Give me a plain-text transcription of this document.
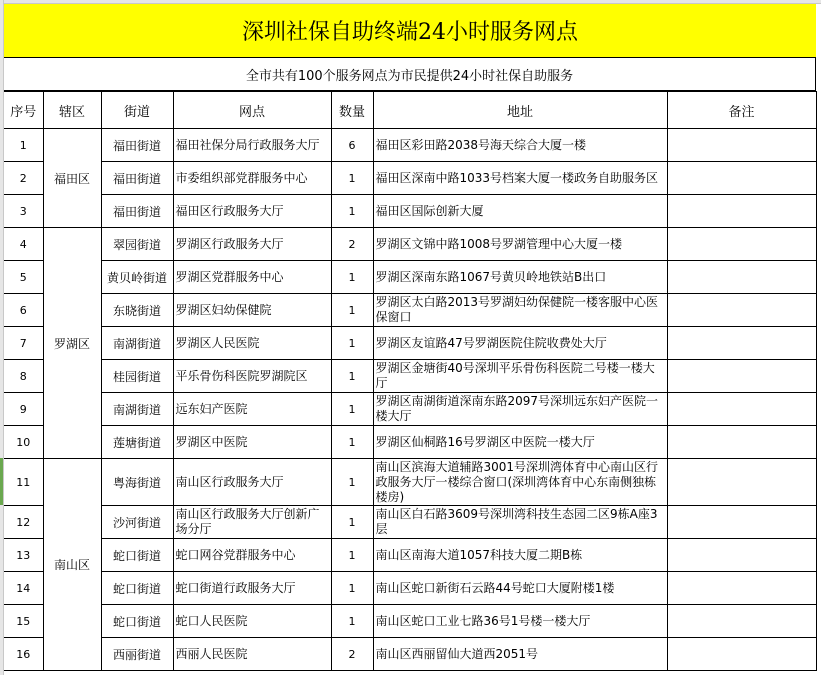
深圳社保自助终端24小时服务网点
全市共有100个服务网点为市民提供24小时社保自助服务
序号	辖区	街道	网点	数量	地址	备注
1	福田区	福田街道	福田社保分局行政服务大厅	6	福田区彩田路2038号海天综合大厦一楼	
2		福田街道	市委组织部党群服务中心	1	福田区深南中路1033号档案大厦一楼政务自助服务区	
3		福田街道	福田区行政服务大厅	1	福田区国际创新大厦	
4	罗湖区	翠园街道	罗湖区行政服务大厅	2	罗湖区文锦中路1008号罗湖管理中心大厦一楼	
5		黄贝岭街道	罗湖区党群服务中心	1	罗湖区深南东路1067号黄贝岭地铁站B出口	
6		东晓街道	罗湖区妇幼保健院	1	罗湖区太白路2013号罗湖妇幼保健院一楼客服中心医保窗口	
7		南湖街道	罗湖区人民医院	1	罗湖区友谊路47号罗湖医院住院收费处大厅	
8		桂园街道	平乐骨伤科医院罗湖院区	1	罗湖区金塘街40号深圳平乐骨伤科医院二号楼一楼大厅	
9		南湖街道	远东妇产医院	1	罗湖区南湖街道深南东路2097号深圳远东妇产医院一楼大厅	
10		莲塘街道	罗湖区中医院	1	罗湖区仙桐路16号罗湖区中医院一楼大厅	
11	南山区	粤海街道	南山区行政服务大厅	1	南山区滨海大道辅路3001号深圳湾体育中心南山区行政服务大厅一楼综合窗口(深圳湾体育中心东南侧独栋楼房)	
12		沙河街道	南山区行政服务大厅创新广场分厅	1	南山区白石路3609号深圳湾科技生态园二区9栋A座3层	
13		蛇口街道	蛇口网谷党群服务中心	1	南山区南海大道1057科技大厦二期B栋	
14		蛇口街道	蛇口街道行政服务大厅	1	南山区蛇口新街石云路44号蛇口大厦附楼1楼	
15		蛇口街道	蛇口人民医院	1	南山区蛇口工业七路36号1号楼一楼大厅	
16		西丽街道	西丽人民医院	2	南山区西丽留仙大道西2051号	
